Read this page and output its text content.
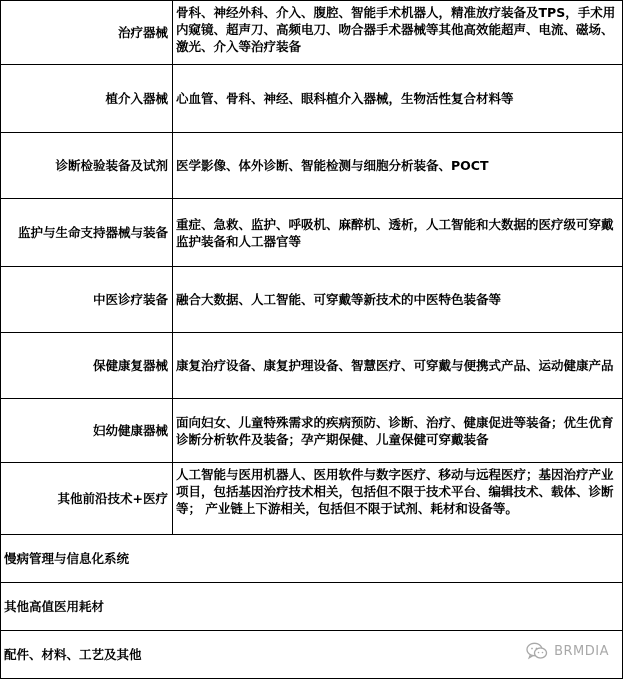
治疗器械	骨科、神经外科、介入、腹腔、智能手术机器人，精准放疗装备及TPS，手术用内窥镜、超声刀、高频电刀、吻合器手术器械等其他高效能超声、电流、磁场、激光、介入等治疗装备
植介入器械	心血管、骨科、神经、眼科植介入器械，生物活性复合材料等
诊断检验装备及试剂	医学影像、体外诊断、智能检测与细胞分析装备、POCT
监护与生命支持器械与装备	重症、急救、监护、呼吸机、麻醉机、透析，人工智能和大数据的医疗级可穿戴监护装备和人工器官等
中医诊疗装备	融合大数据、人工智能、可穿戴等新技术的中医特色装备等
保健康复器械	康复治疗设备、康复护理设备、智慧医疗、可穿戴与便携式产品、运动健康产品
妇幼健康器械	面向妇女、儿童特殊需求的疾病预防、诊断、治疗、健康促进等装备；优生优育诊断分析软件及装备；孕产期保健、儿童保健可穿戴装备
其他前沿技术+医疗	人工智能与医用机器人、医用软件与数字医疗、移动与远程医疗；基因治疗产业项目，包括基因治疗技术相关，包括但不限于技术平台、编辑技术、载体、诊断等； 产业链上下游相关，包括但不限于试剂、耗材和设备等。
慢病管理与信息化系统	
其他高值医用耗材	
配件、材料、工艺及其他		BRMDIA
